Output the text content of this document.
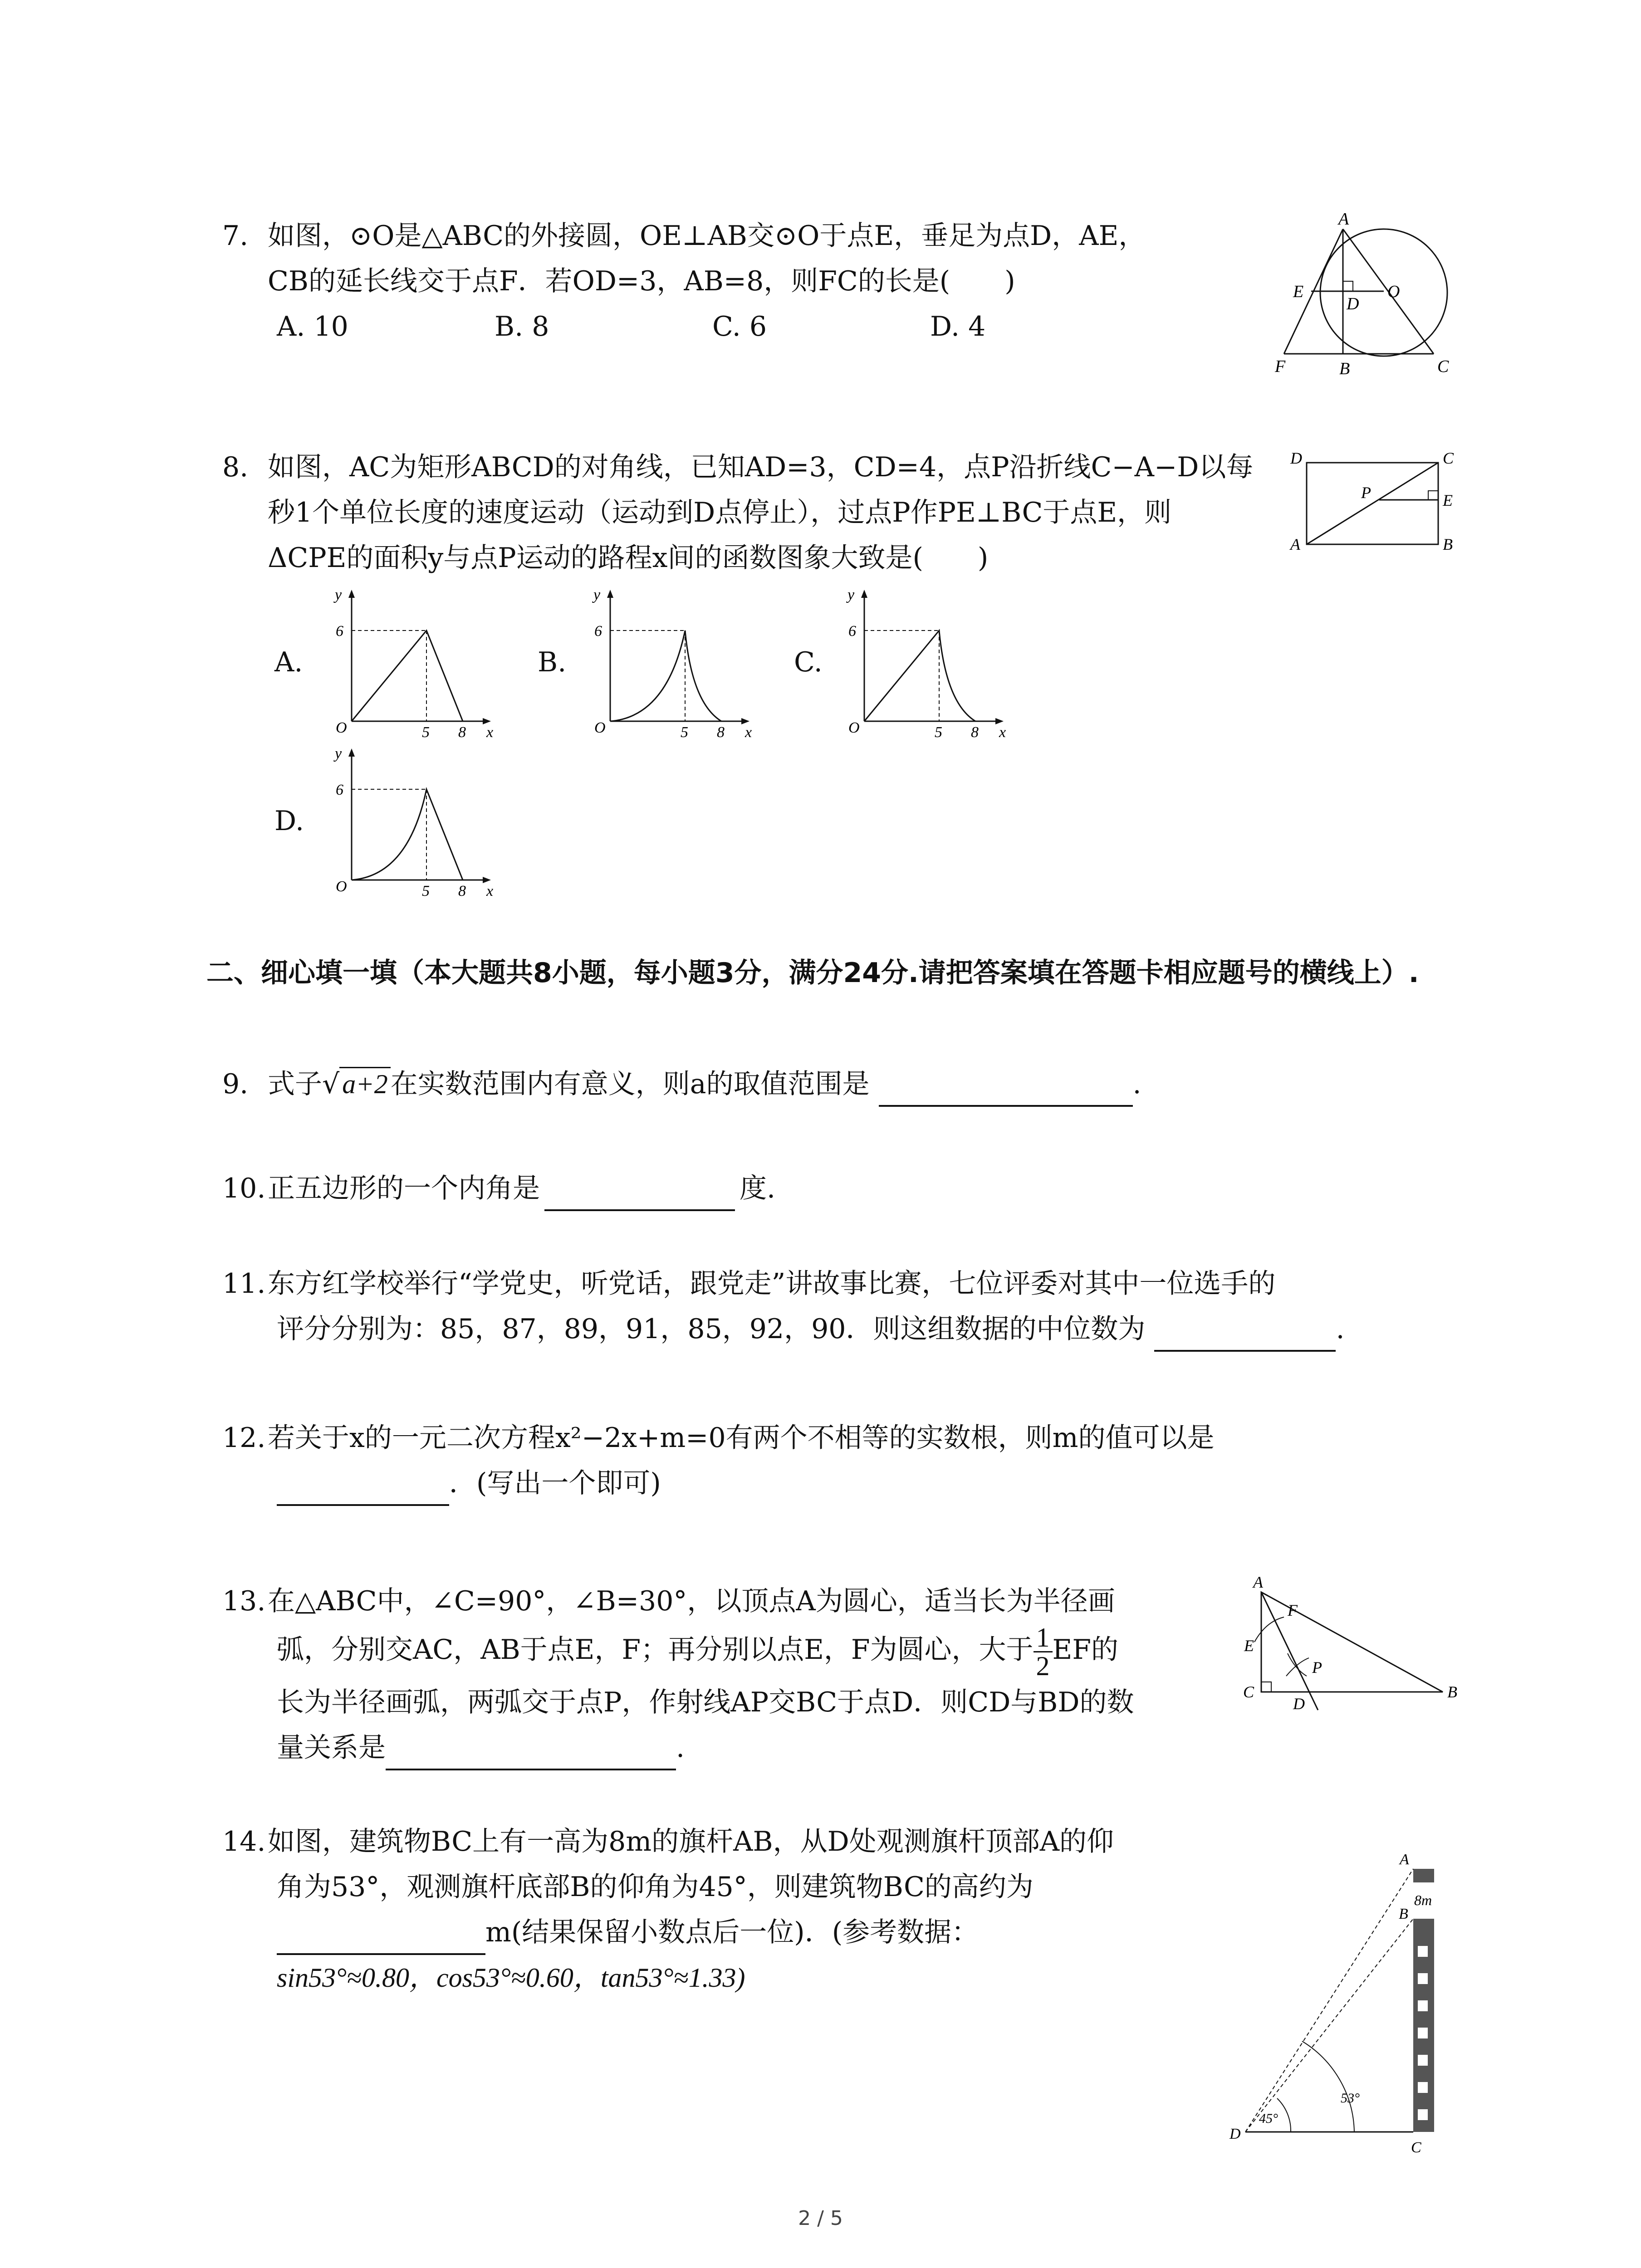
7. 如图，⊙O是△ABC的外接圆，OE⊥AB交⊙O于点E，垂足为点D，AE，
CB的延长线交于点F．若OD=3，AB=8，则FC的长是(　　)
A. 10	B. 8	C. 6	D. 4
A
E
D
O
F	B	C
8. 如图，AC为矩形ABCD的对角线，已知AD=3，CD=4，点P沿折线C−A−D以每
秒1个单位长度的速度运动（运动到D点停止），过点P作PE⊥BC于点E，则
ΔCPE的面积y与点P运动的路程x间的函数图象大致是(　　)
D	C
P	E
A	B
A.	B.	C.
D.
y
6
O	5 8 x
y
6
O	5 8 x
y
6
O	5 8 x
y
6
O	5 8 x
二、细心填一填（本大题共8小题，每小题3分，满分24分.请把答案填在答题卡相应题号的横线上）.
9. 式子√ a+2 在实数范围内有意义，则a的取值范围是	.
10.正五边形的一个内角是	度.
11.东方红学校举行“学党史，听党话，跟党走”讲故事比赛，七位评委对其中一位选手的
评分分别为：85，87，89，91，85，92，90．则这组数据的中位数为	.
12.若关于x的一元二次方程x²−2x+m=0有两个不相等的实数根，则m的值可以是
．(写出一个即可)
13.在△ABC中，∠C=90°，∠B=30°，以顶点A为圆心，适当长为半径画
弧，分别交AC，AB于点E，F；再分别以点E，F为圆心，大于 $\frac{1}{2}$ EF的
长为半径画弧，两弧交于点P，作射线AP交BC于点D．则CD与BD的数
量关系是	.
A
F
E
P
C
D
B
14.如图，建筑物BC上有一高为8m的旗杆AB，从D处观测旗杆顶部A的仰
角为53°，观测旗杆底部B的仰角为45°，则建筑物BC的高约为
m(结果保留小数点后一位)．(参考数据：
sin53°≈0.80，cos53°≈0.60，tan53°≈1.33)
8m
45°
53°
A
B
C
D
2 / 5
